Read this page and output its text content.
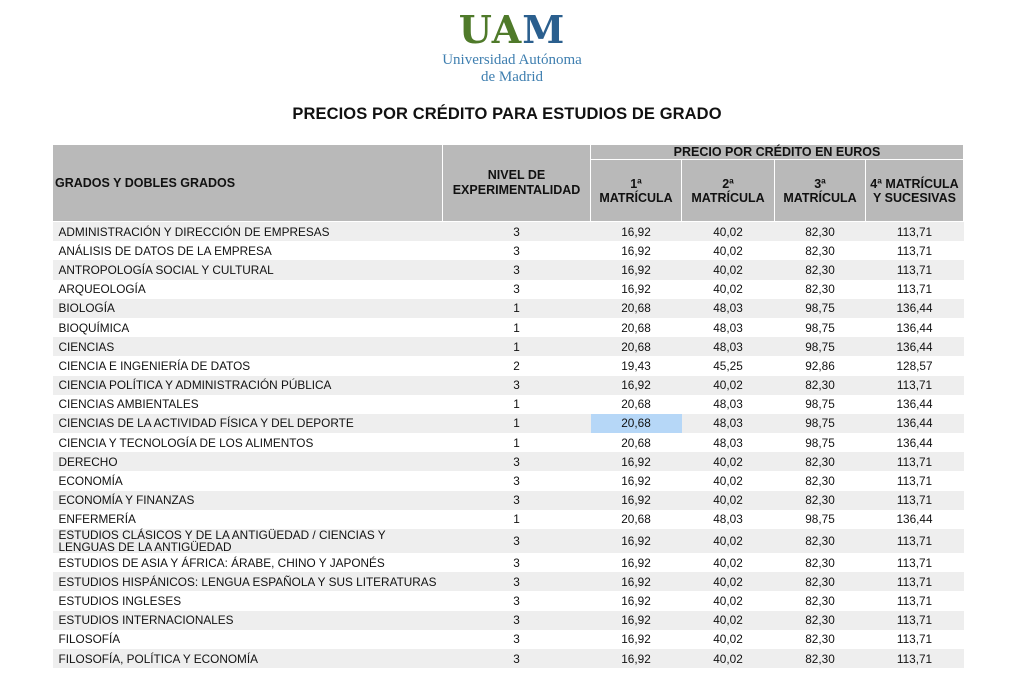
UAM
Universidad Autónoma
de Madrid
PRECIOS POR CRÉDITO PARA ESTUDIOS DE GRADO
GRADOS Y DOBLES GRADOS	NIVEL DE EXPERIMENTALIDAD	PRECIO POR CRÉDITO EN EUROS			
		1ª MATRÍCULA	2ª MATRÍCULA	3ª MATRÍCULA	4ª MATRÍCULA Y SUCESIVAS
ADMINISTRACIÓN Y DIRECCIÓN DE EMPRESAS	3	16,92	40,02	82,30	113,71
ANÁLISIS DE DATOS DE LA EMPRESA	3	16,92	40,02	82,30	113,71
ANTROPOLOGÍA SOCIAL Y CULTURAL	3	16,92	40,02	82,30	113,71
ARQUEOLOGÍA	3	16,92	40,02	82,30	113,71
BIOLOGÍA	1	20,68	48,03	98,75	136,44
BIOQUÍMICA	1	20,68	48,03	98,75	136,44
CIENCIAS	1	20,68	48,03	98,75	136,44
CIENCIA E INGENIERÍA DE DATOS	2	19,43	45,25	92,86	128,57
CIENCIA POLÍTICA Y ADMINISTRACIÓN PÚBLICA	3	16,92	40,02	82,30	113,71
CIENCIAS AMBIENTALES	1	20,68	48,03	98,75	136,44
CIENCIAS DE LA ACTIVIDAD FÍSICA Y DEL DEPORTE	1	20,68	48,03	98,75	136,44
CIENCIA Y TECNOLOGÍA DE LOS ALIMENTOS	1	20,68	48,03	98,75	136,44
DERECHO	3	16,92	40,02	82,30	113,71
ECONOMÍA	3	16,92	40,02	82,30	113,71
ECONOMÍA Y FINANZAS	3	16,92	40,02	82,30	113,71
ENFERMERÍA	1	20,68	48,03	98,75	136,44
ESTUDIOS CLÁSICOS Y DE LA ANTIGÜEDAD / CIENCIAS Y LENGUAS DE LA ANTIGÜEDAD	3	16,92	40,02	82,30	113,71
ESTUDIOS DE ASIA Y ÁFRICA: ÁRABE, CHINO Y JAPONÉS	3	16,92	40,02	82,30	113,71
ESTUDIOS HISPÁNICOS: LENGUA ESPAÑOLA Y SUS LITERATURAS	3	16,92	40,02	82,30	113,71
ESTUDIOS INGLESES	3	16,92	40,02	82,30	113,71
ESTUDIOS INTERNACIONALES	3	16,92	40,02	82,30	113,71
FILOSOFÍA	3	16,92	40,02	82,30	113,71
FILOSOFÍA, POLÍTICA Y ECONOMÍA	3	16,92	40,02	82,30	113,71
